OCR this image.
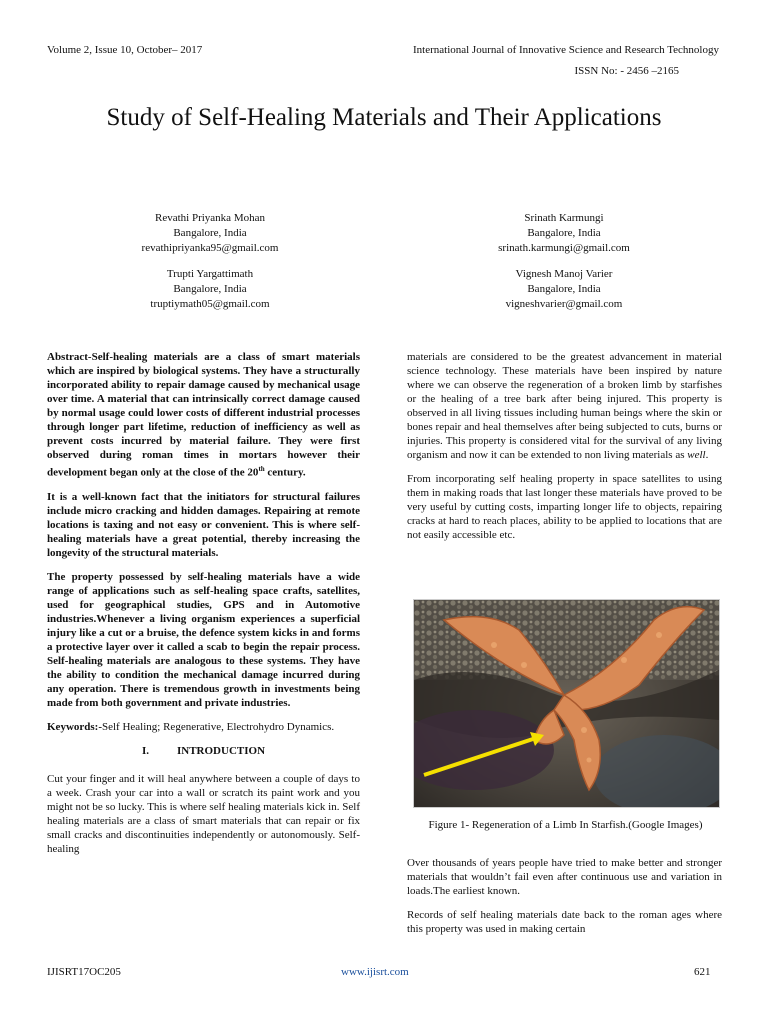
Volume 2, Issue 10, October– 2017	International Journal of Innovative Science and Research Technology
ISSN No: - 2456 –2165
Study of Self-Healing Materials and Their Applications
Revathi Priyanka Mohan
Bangalore, India
revathipriyanka95@gmail.com
Srinath Karmungi
Bangalore, India
srinath.karmungi@gmail.com
Trupti Yargattimath
Bangalore, India
truptiymath05@gmail.com
Vignesh Manoj Varier
Bangalore, India
vigneshvarier@gmail.com

Abstract-Self-healing materials are a class of smart materials which are inspired by biological systems. They have a structurally incorporated ability to repair damage caused by mechanical usage over time. A material that can intrinsically correct damage caused by normal usage could lower costs of different industrial processes through longer part lifetime, reduction of inefficiency as well as prevent costs incurred by material failure. They were first observed during roman times in mortars however their development began only at the close of the 20th century.

It is a well-known fact that the initiators for structural failures include micro cracking and hidden damages. Repairing at remote locations is taxing and not easy or convenient. This is where self-healing materials have a great potential, thereby increasing the longevity of the structural materials.

The property possessed by self-healing materials have a wide range of applications such as self-healing space crafts, satellites, used for geographical studies, GPS and in Automotive industries.Whenever a living organism experiences a superficial injury like a cut or a bruise, the defence system kicks in and forms a protective layer over it called a scab to begin the repair process. Self-healing materials are analogous to these systems. They have the ability to condition the mechanical damage incurred during any operation. There is tremendous growth in investments being made from both government and private industries.

Keywords:-Self Healing; Regenerative, Electrohydro Dynamics.

I.	INTRODUCTION

Cut your finger and it will heal anywhere between a couple of days to a week. Crash your car into a wall or scratch its paint work and you might not be so lucky. This is where self healing materials kick in. Self healing materials are a class of smart materials that can repair or fix small cracks and discontinuities independently or autonomously. Self-healing

materials are considered to be the greatest advancement in material science technology. These materials have been inspired by nature where we can observe the regeneration of a broken limb by starfishes or the healing of a tree bark after being injured. This property is observed in all living tissues including human beings where the skin or bones repair and heal themselves after being subjected to cuts, burns or injuries. This property is considered vital for the survival of any living organism and now it can be extended to non living materials as well.

From incorporating self healing property in space satellites to using them in making roads that last longer these materials have proved to be very useful by cutting costs, imparting longer life to objects, repairing cracks at hard to reach places, ability to be applied to locations that are not easily accessible etc.

Figure 1- Regeneration of a Limb In Starfish.(Google Images)

Over thousands of years people have tried to make better and stronger materials that wouldn’t fail even after continuous use and variation in loads.The earliest known.

Records of self healing materials date back to the roman ages where this property was used in making certain

IJISRT17OC205	www.ijisrt.com	621
